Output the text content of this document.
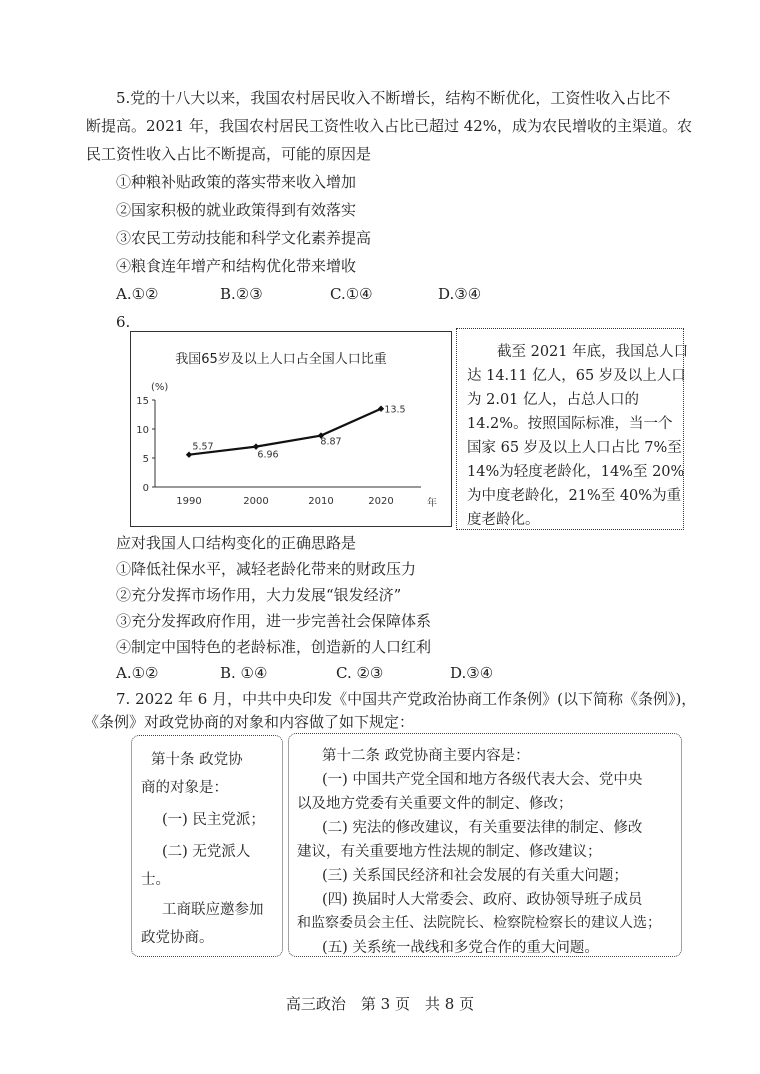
5.党的十八大以来，我国农村居民收入不断增长，结构不断优化，工资性收入占比不
断提高。2021 年，我国农村居民工资性收入占比已超过 42%，成为农民增收的主渠道。农
民工资性收入占比不断提高，可能的原因是
①种粮补贴政策的落实带来收入增加
②国家积极的就业政策得到有效落实
③农民工劳动技能和科学文化素养提高
④粮食连年增产和结构优化带来增收
A.①②	B.②③	C.①④	D.③④
6.
我国65岁及以上人口占全国人口比重
(%)
0
5
10
15
1990	2000	2010	2020
5.57
6.96
8.87
13.5
年
截至 2021 年底，我国总人口
达 14.11 亿人，65 岁及以上人口
为 2.01 亿人，占总人口的
14.2%。按照国际标准，当一个
国家 65 岁及以上人口占比 7%至
14%为轻度老龄化，14%至 20%
为中度老龄化，21%至 40%为重
度老龄化。
应对我国人口结构变化的正确思路是
①降低社保水平，减轻老龄化带来的财政压力
②充分发挥市场作用，大力发展“银发经济”
③充分发挥政府作用，进一步完善社会保障体系
④制定中国特色的老龄标准，创造新的人口红利
A.①②	B. ①④	C. ②③	D.③④
7. 2022 年 6 月，中共中央印发《中国共产党政治协商工作条例》(以下简称《条例》)，
《条例》对政党协商的对象和内容做了如下规定：
第十条 政党协
商的对象是：
(一) 民主党派；
(二) 无党派人
士。
工商联应邀参加
政党协商。
第十二条 政党协商主要内容是：
(一) 中国共产党全国和地方各级代表大会、党中央
以及地方党委有关重要文件的制定、修改；
(二) 宪法的修改建议，有关重要法律的制定、修改
建议，有关重要地方性法规的制定、修改建议；
(三) 关系国民经济和社会发展的有关重大问题；
(四) 换届时人大常委会、政府、政协领导班子成员
和监察委员会主任、法院院长、检察院检察长的建议人选；
(五) 关系统一战线和多党合作的重大问题。
高三政治　第 3 页　共 8 页
